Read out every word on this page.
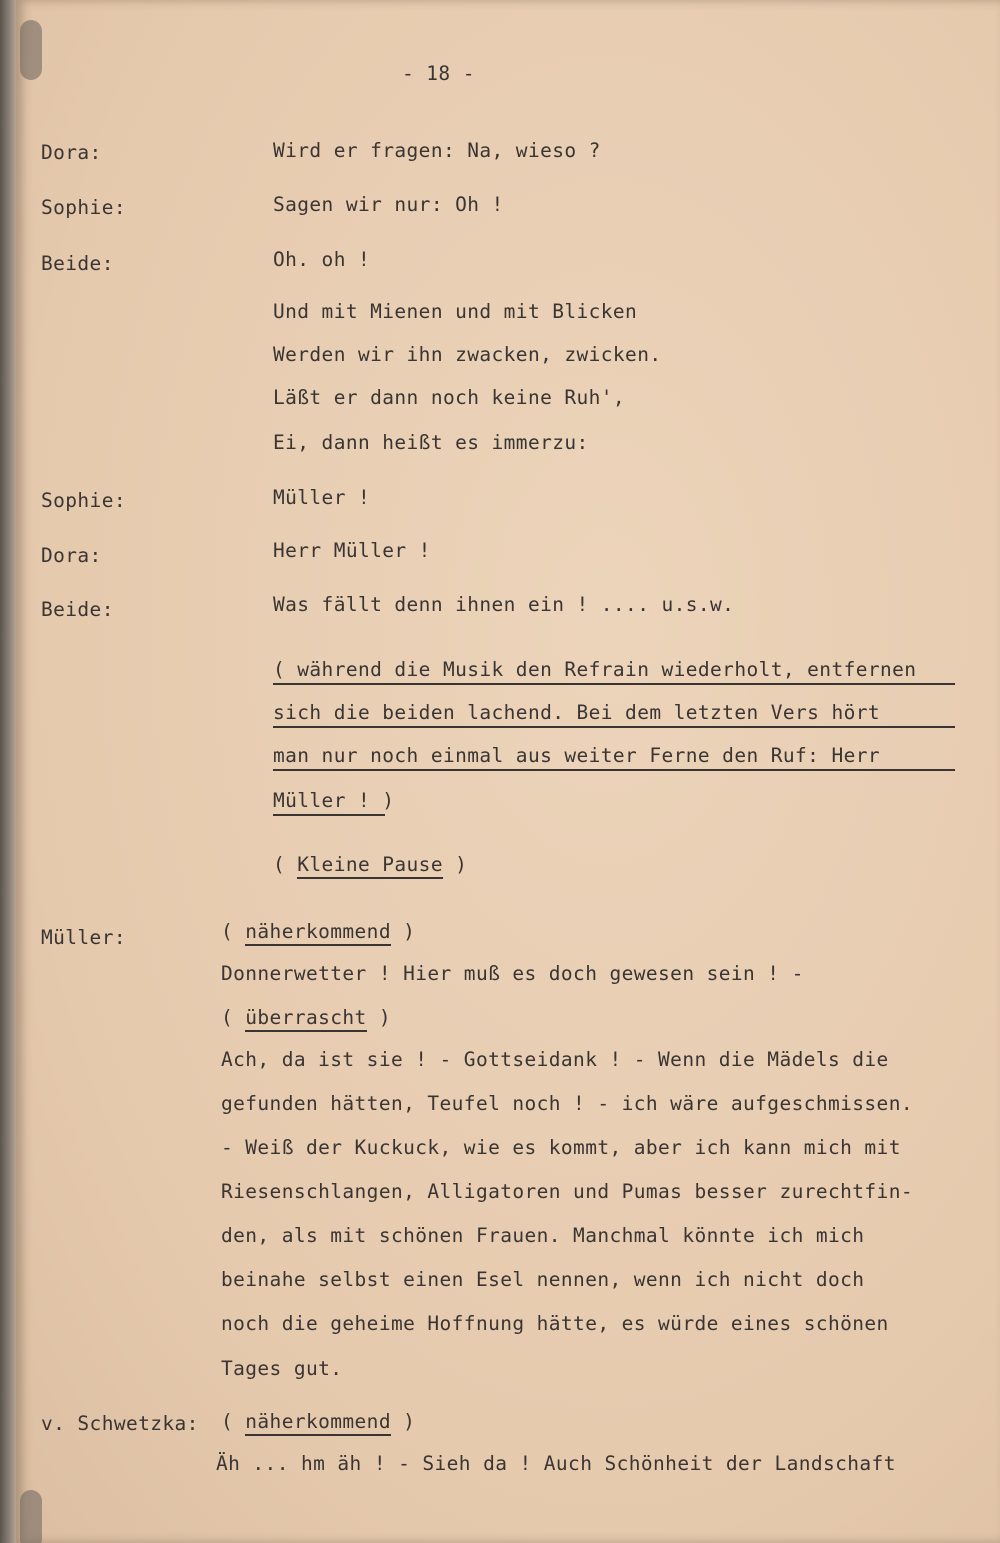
- 18 -
Dora:	Wird er fragen: Na, wieso ?
Sophie:	Sagen wir nur: Oh !
Beide:	Oh. oh !
Und mit Mienen und mit Blicken
Werden wir ihn zwacken, zwicken.
Läßt er dann noch keine Ruh',
Ei, dann heißt es immerzu:
Sophie:	Müller !
Dora:	Herr Müller !
Beide:	Was fällt denn ihnen ein ! .... u.s.w.
( während die Musik den Refrain wiederholt, entfernen
sich die beiden lachend. Bei dem letzten Vers hört
man nur noch einmal aus weiter Ferne den Ruf: Herr
Müller ! )
( Kleine Pause )
Müller:	( näherkommend )
Donnerwetter ! Hier muß es doch gewesen sein ! -
( überrascht )
Ach, da ist sie ! - Gottseidank ! - Wenn die Mädels die
gefunden hätten, Teufel noch ! - ich wäre aufgeschmissen.
- Weiß der Kuckuck, wie es kommt, aber ich kann mich mit
Riesenschlangen, Alligatoren und Pumas besser zurechtfin-
den, als mit schönen Frauen. Manchmal könnte ich mich
beinahe selbst einen Esel nennen, wenn ich nicht doch
noch die geheime Hoffnung hätte, es würde eines schönen
Tages gut.
v. Schwetzka: ( näherkommend )
Äh ... hm äh ! - Sieh da ! Auch Schönheit der Landschaft
